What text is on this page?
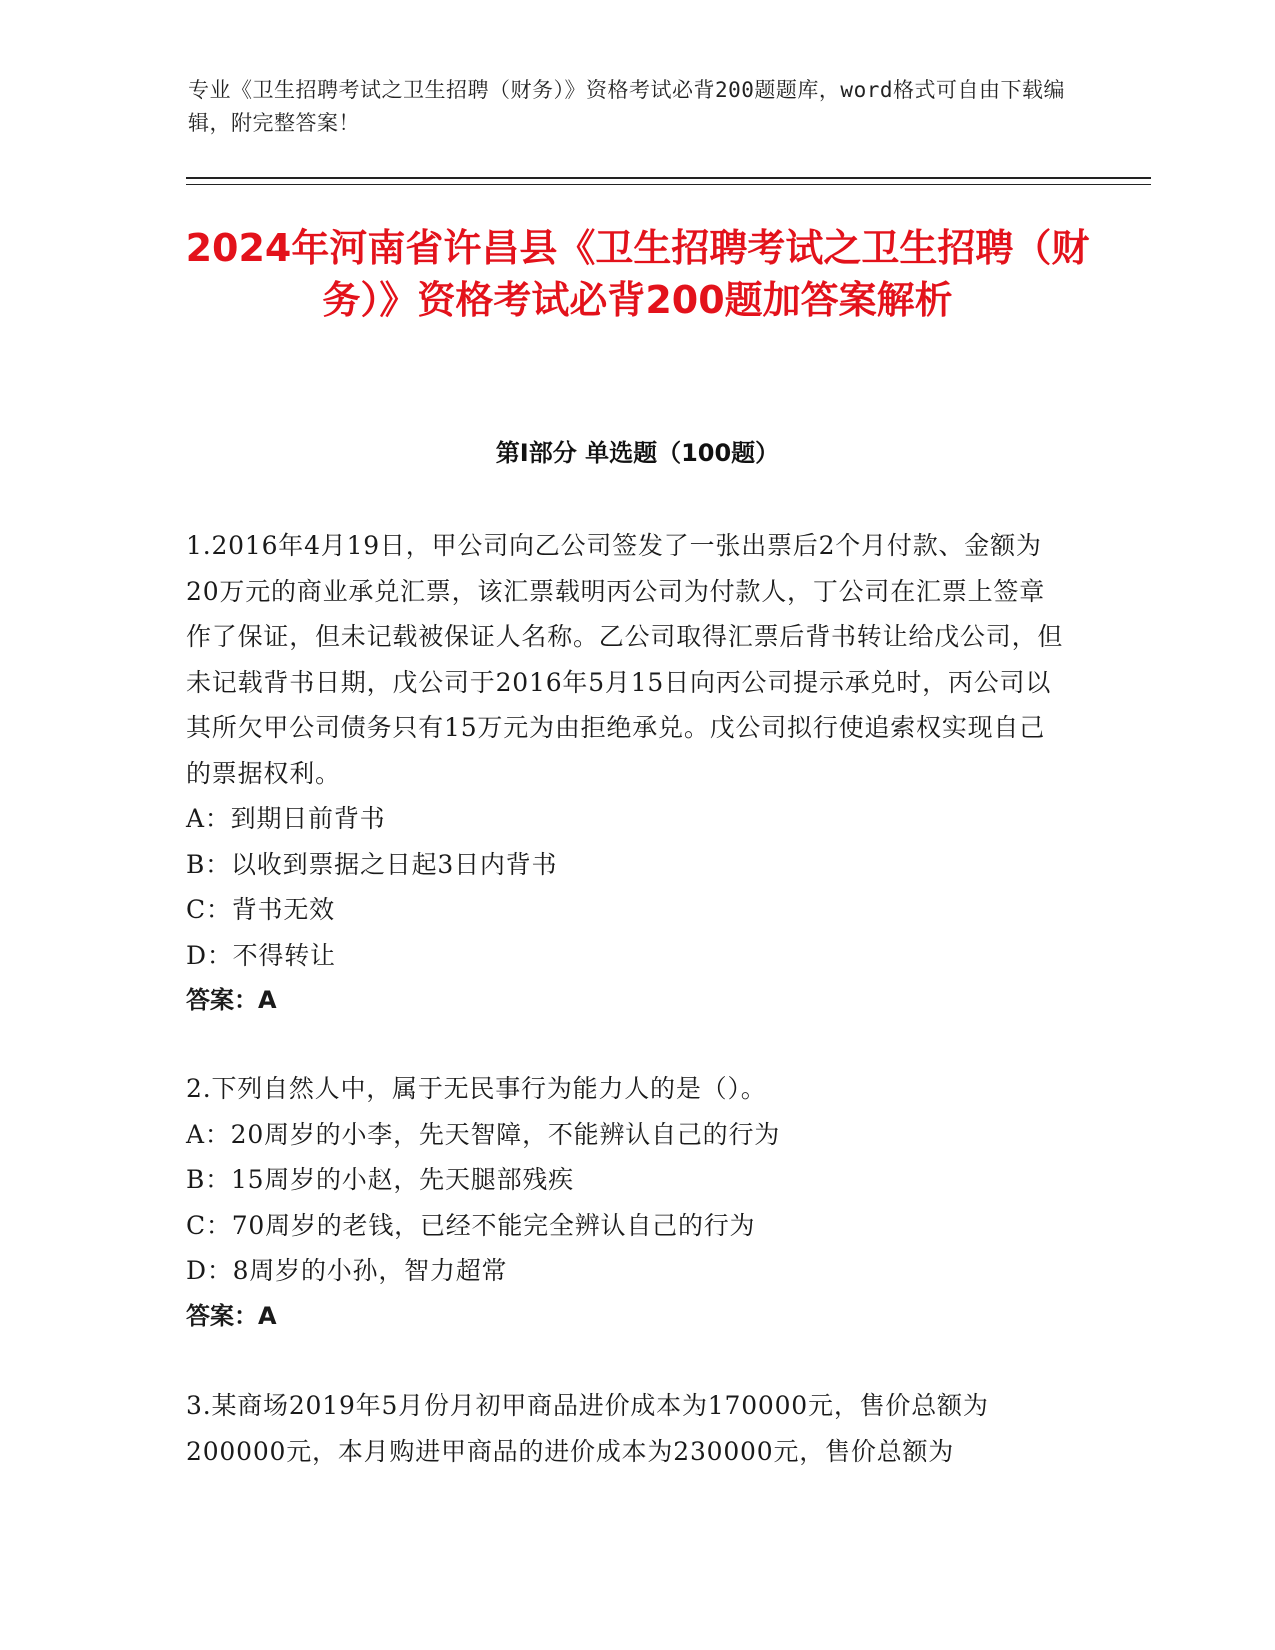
专业《卫生招聘考试之卫生招聘（财务）》资格考试必背200题题库，word格式可自由下载编辑，附完整答案！
2024年河南省许昌县《卫生招聘考试之卫生招聘（财务）》资格考试必背200题加答案解析
第I部分 单选题（100题）

1.2016年4月19日，甲公司向乙公司签发了一张出票后2个月付款、金额为20万元的商业承兑汇票，该汇票载明丙公司为付款人，丁公司在汇票上签章作了保证，但未记载被保证人名称。乙公司取得汇票后背书转让给戊公司，但未记载背书日期，戊公司于2016年5月15日向丙公司提示承兑时，丙公司以其所欠甲公司债务只有15万元为由拒绝承兑。戊公司拟行使追索权实现自己的票据权利。

A：到期日前背书

B：以收到票据之日起3日内背书

C：背书无效

D：不得转让

答案：A

2.下列自然人中，属于无民事行为能力人的是（）。

A：20周岁的小李，先天智障，不能辨认自己的行为

B：15周岁的小赵，先天腿部残疾

C：70周岁的老钱，已经不能完全辨认自己的行为

D：8周岁的小孙，智力超常

答案：A

3.某商场2019年5月份月初甲商品进价成本为170000元，售价总额为200000元，本月购进甲商品的进价成本为230000元，售价总额为
